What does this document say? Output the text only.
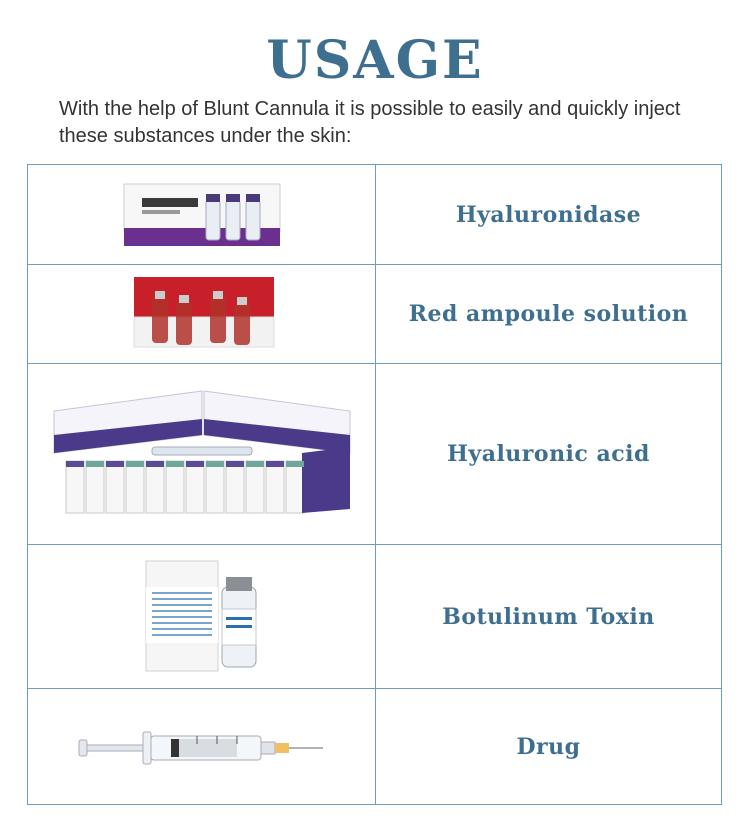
USAGE

With the help of Blunt Cannula it is possible to easily and quickly inject these substances under the skin:

Hyaluronidase
Red ampoule solution
Hyaluronic acid
Botulinum Toxin
Drug
